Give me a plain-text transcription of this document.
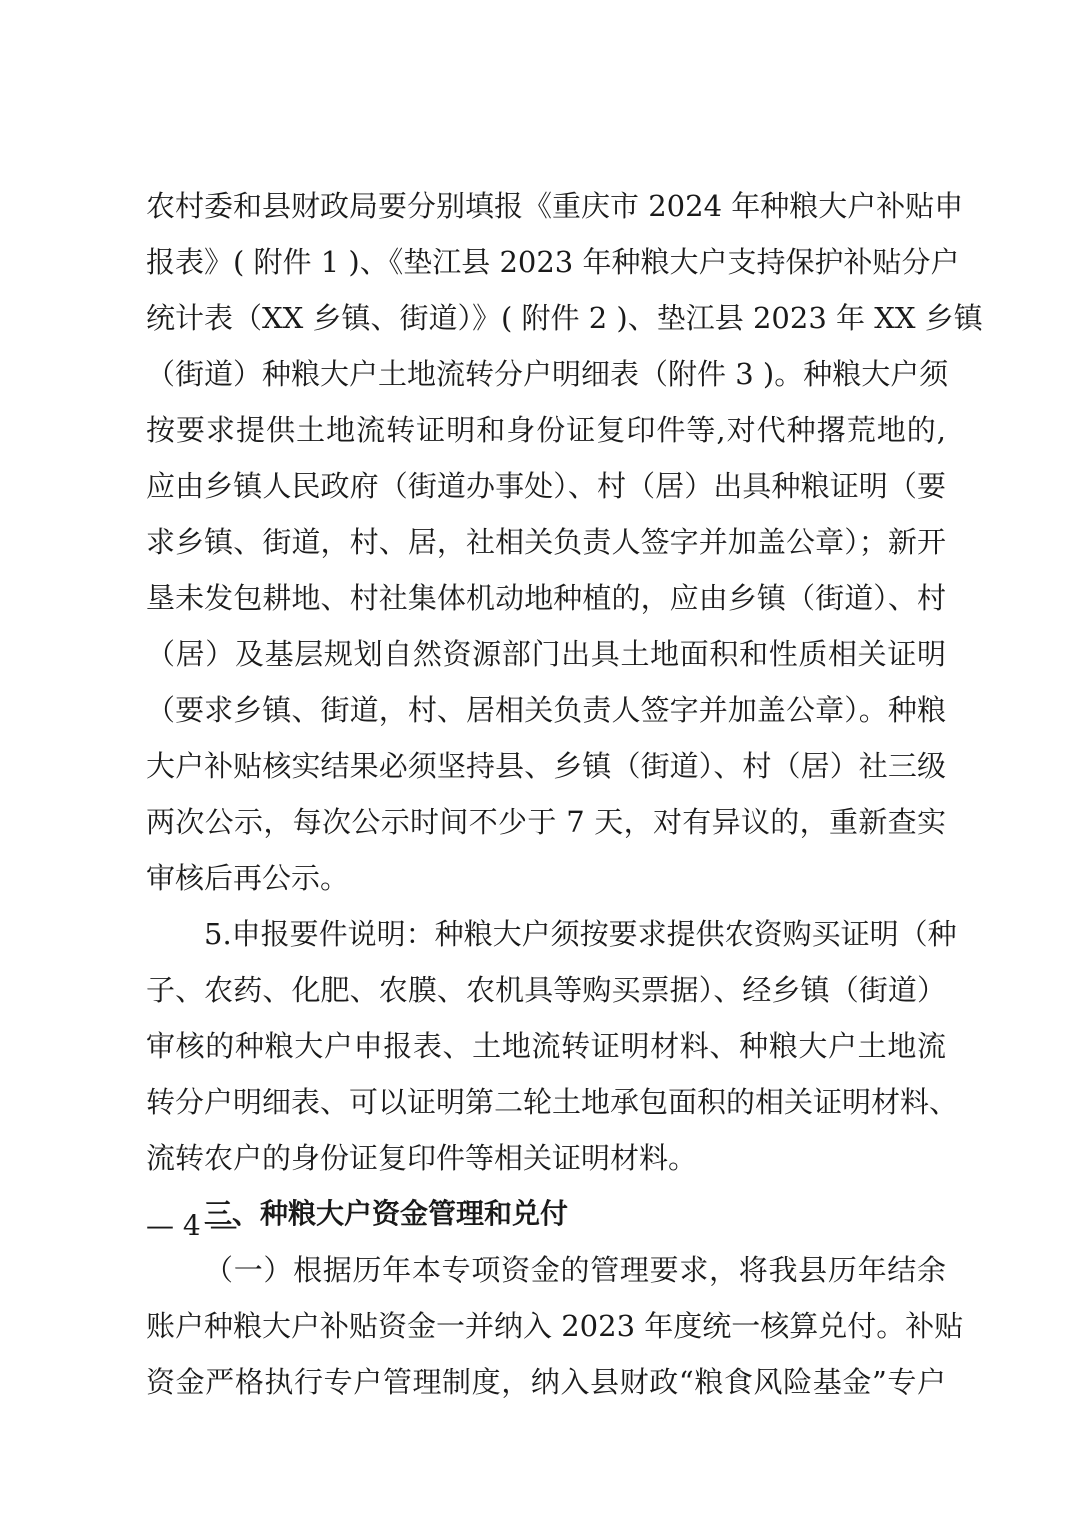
农村委和县财政局要分别填报《重庆市 2024 年种粮大户补贴申
报表》( 附件 1 )、《垫江县 2023 年种粮大户支持保护补贴分户
统计表（XX 乡镇、街道）》( 附件 2 )、垫江县 2023 年 XX 乡镇
（街道）种粮大户土地流转分户明细表（附件 3 )。种粮大户须
按要求提供土地流转证明和身份证复印件等,对代种撂荒地的,
应由乡镇人民政府（街道办事处）、村（居）出具种粮证明（要
求乡镇、街道，村、居，社相关负责人签字并加盖公章）；新开
垦未发包耕地、村社集体机动地种植的，应由乡镇（街道）、村
（居）及基层规划自然资源部门出具土地面积和性质相关证明
（要求乡镇、街道，村、居相关负责人签字并加盖公章）。种粮
大户补贴核实结果必须坚持县、乡镇（街道）、村（居）社三级
两次公示，每次公示时间不少于 7 天，对有异议的，重新查实
审核后再公示。
5.申报要件说明：种粮大户须按要求提供农资购买证明（种
子、农药、化肥、农膜、农机具等购买票据）、经乡镇（街道）
审核的种粮大户申报表、土地流转证明材料、种粮大户土地流
转分户明细表、可以证明第二轮土地承包面积的相关证明材料、
流转农户的身份证复印件等相关证明材料。
三、种粮大户资金管理和兑付
（一）根据历年本专项资金的管理要求，将我县历年结余
账户种粮大户补贴资金一并纳入 2023 年度统一核算兑付。补贴
资金严格执行专户管理制度，纳入县财政“粮食风险基金”专户
— 4 —
